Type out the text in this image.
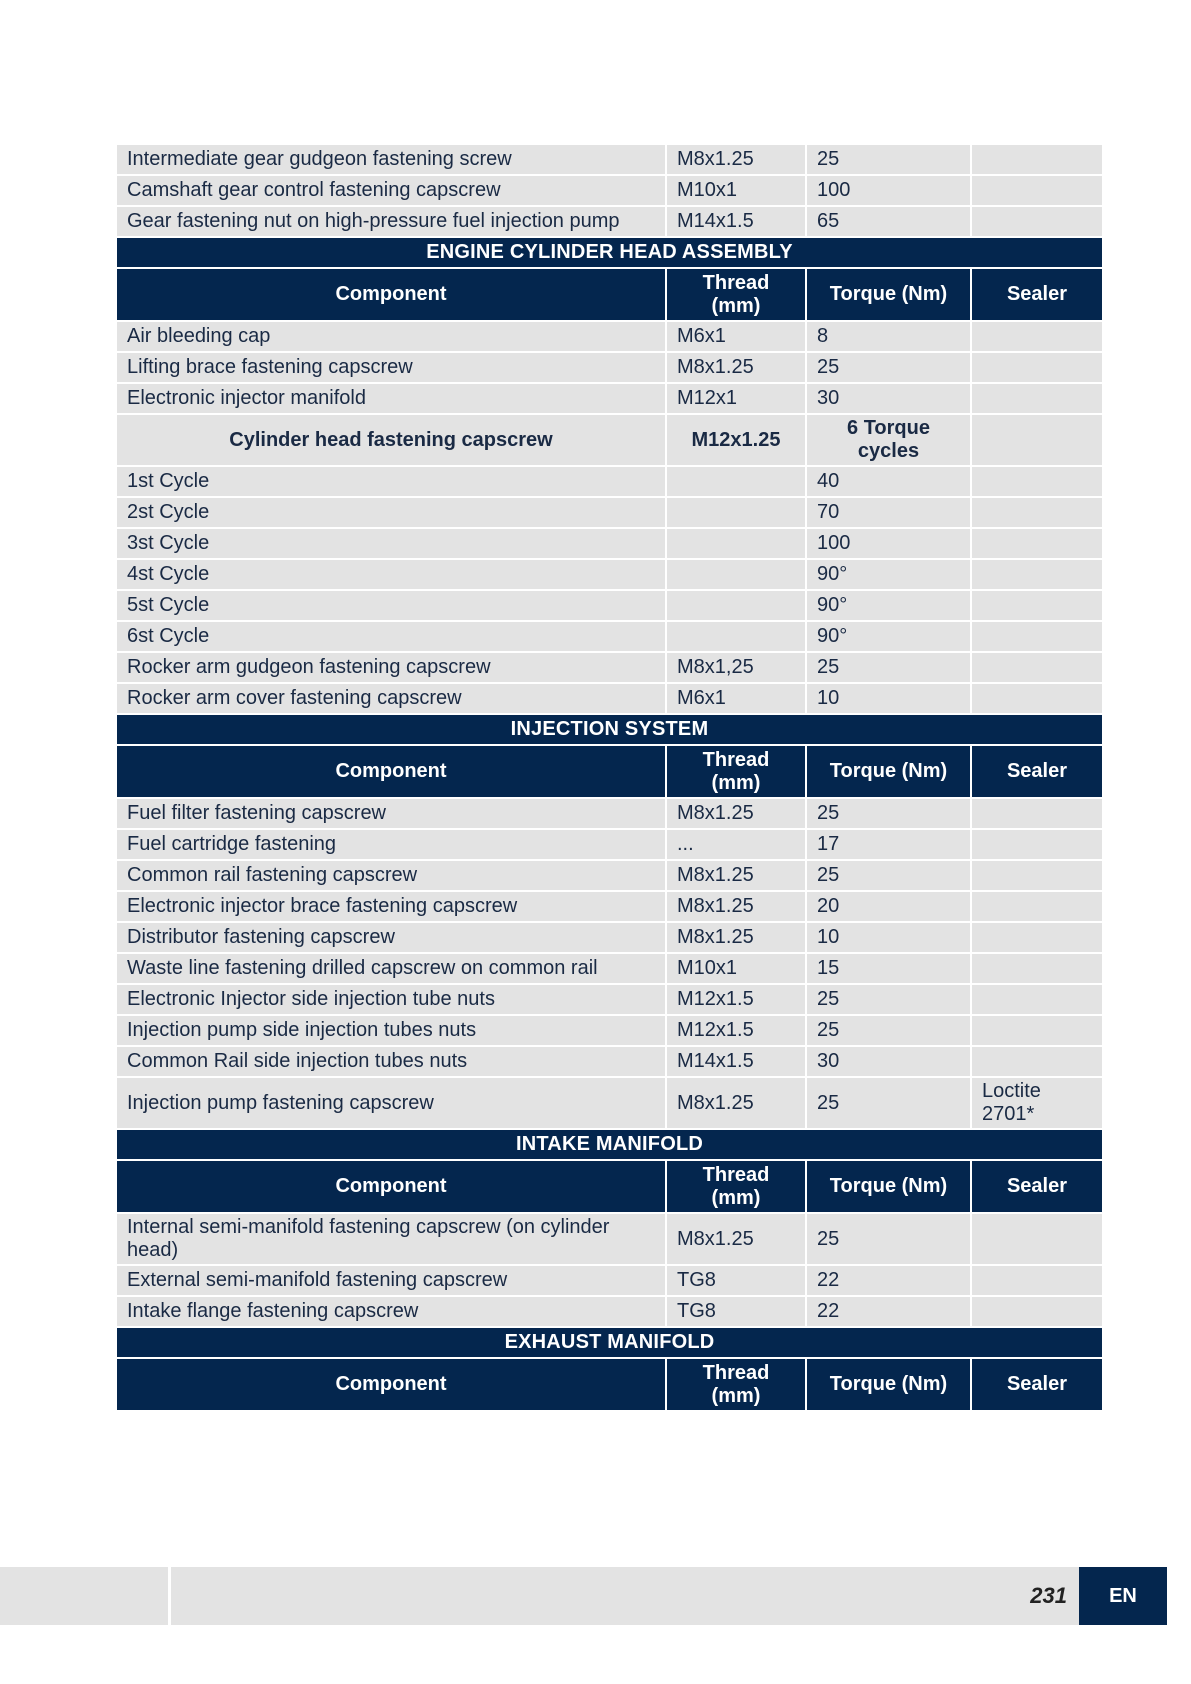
Intermediate gear gudgeon fastening screw	M8x1.25	25	
Camshaft gear control fastening capscrew	M10x1	100	
Gear fastening nut on high-pressure fuel injection pump	M14x1.5	65	
ENGINE CYLINDER HEAD ASSEMBLY			
Component	Thread (mm)	Torque (Nm)	Sealer
Air bleeding cap	M6x1	8	
Lifting brace fastening capscrew	M8x1.25	25	
Electronic injector manifold	M12x1	30	
Cylinder head fastening capscrew	M12x1.25	6 Torque cycles	
1st Cycle		40	
2st Cycle		70	
3st Cycle		100	
4st Cycle		90°	
5st Cycle		90°	
6st Cycle		90°	
Rocker arm gudgeon fastening capscrew	M8x1,25	25	
Rocker arm cover fastening capscrew	M6x1	10	
INJECTION SYSTEM			
Component	Thread (mm)	Torque (Nm)	Sealer
Fuel filter fastening capscrew	M8x1.25	25	
Fuel cartridge fastening	...	17	
Common rail fastening capscrew	M8x1.25	25	
Electronic injector brace fastening capscrew	M8x1.25	20	
Distributor fastening capscrew	M8x1.25	10	
Waste line fastening drilled capscrew on common rail	M10x1	15	
Electronic Injector side injection tube nuts	M12x1.5	25	
Injection pump side injection tubes nuts	M12x1.5	25	
Common Rail side injection tubes nuts	M14x1.5	30	
Injection pump fastening capscrew	M8x1.25	25	Loctite 2701*
INTAKE MANIFOLD			
Component	Thread (mm)	Torque (Nm)	Sealer
Internal semi-manifold fastening capscrew (on cylinder head)	M8x1.25	25	
External semi-manifold fastening capscrew	TG8	22	
Intake flange fastening capscrew	TG8	22	
EXHAUST MANIFOLD			
Component	Thread (mm)	Torque (Nm)	Sealer
231	EN
